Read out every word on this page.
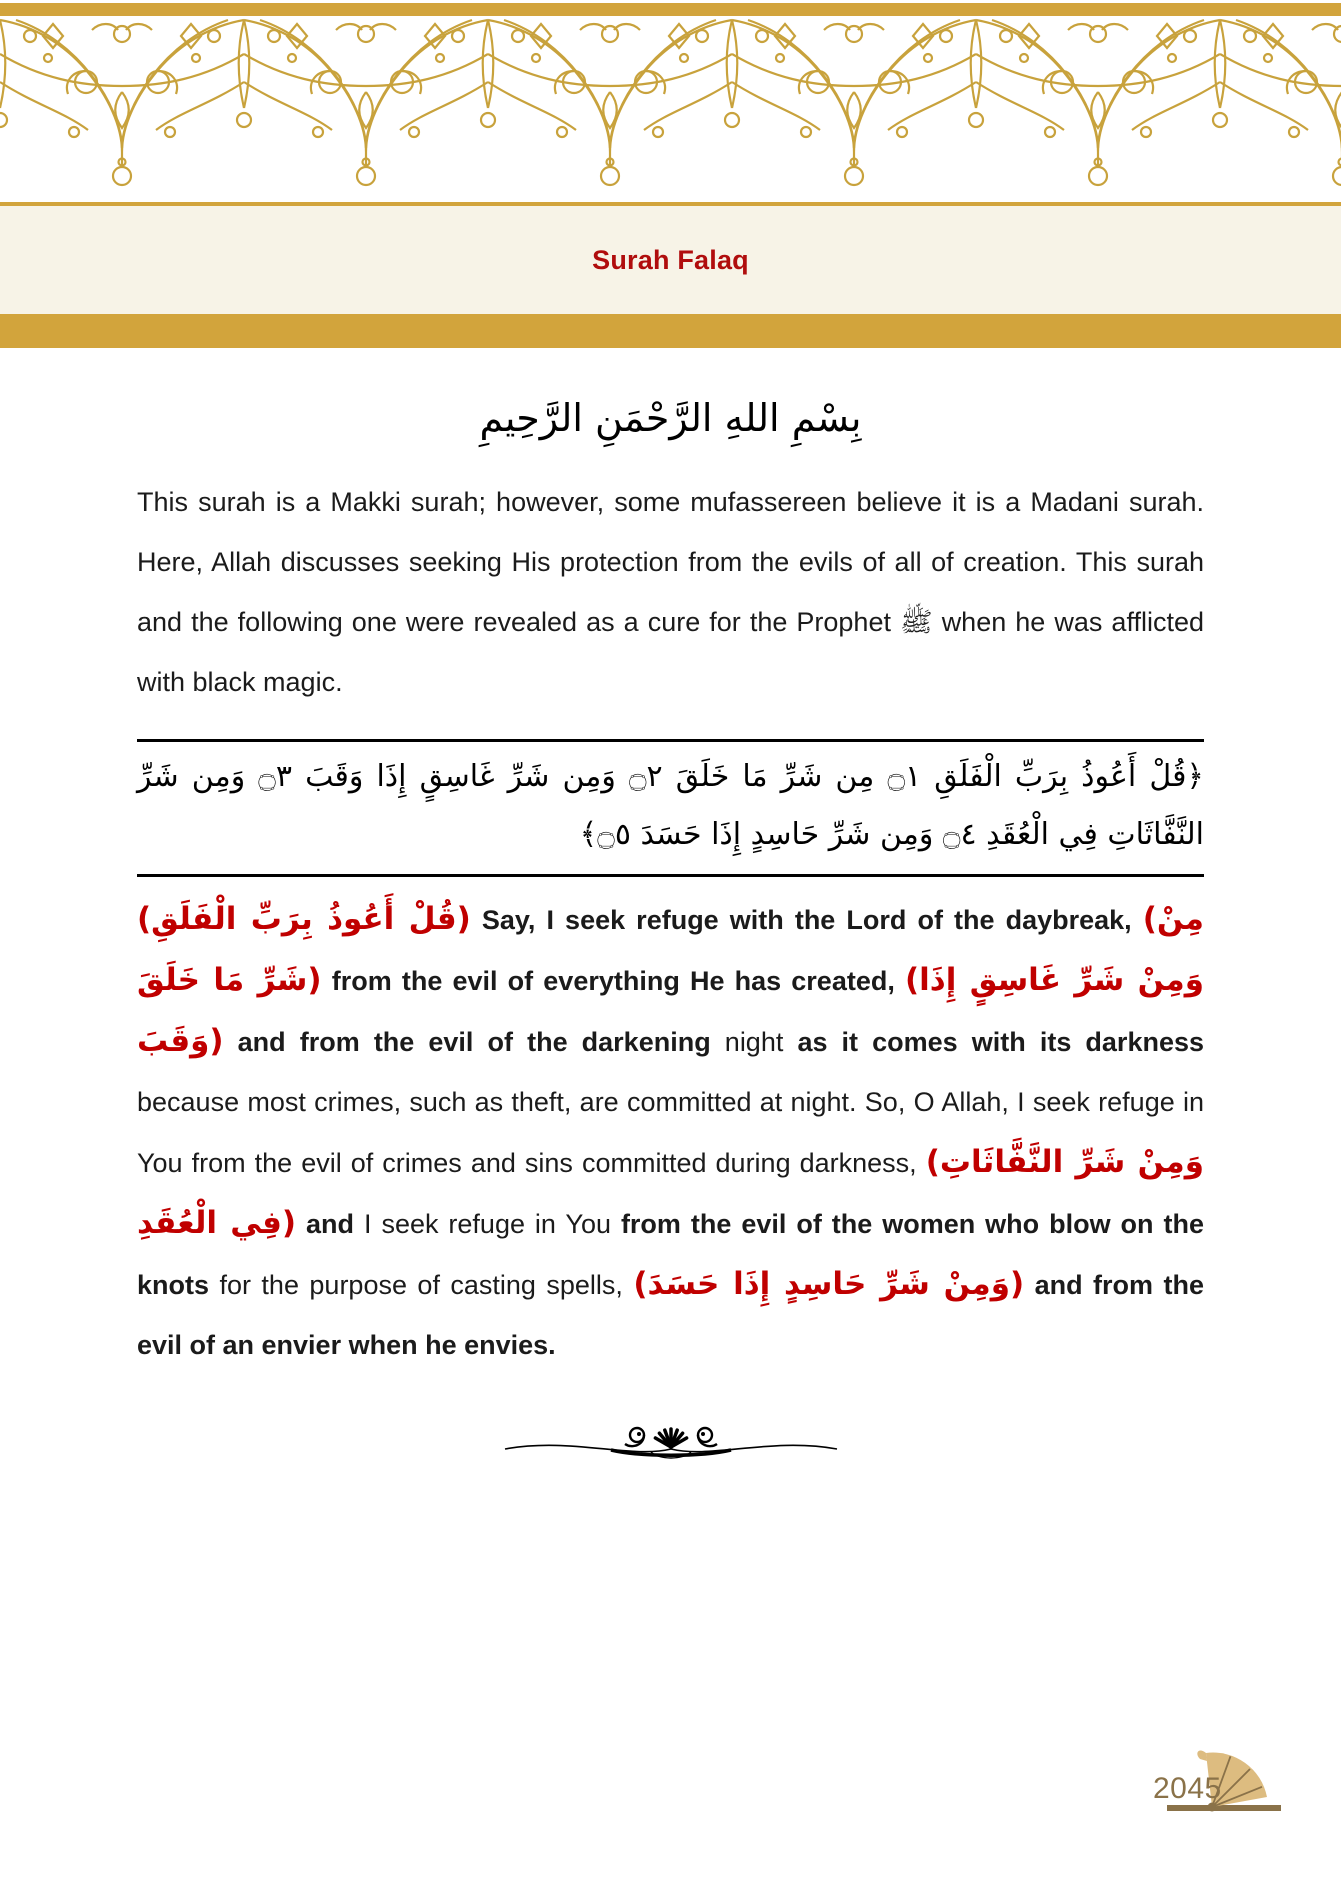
Surah Falaq
بِسْمِ اللهِ الرَّحْمَنِ الرَّحِيمِ

This surah is a Makki surah; however, some mufassereen believe it is a Madani surah. Here, Allah discusses seeking His protection from the evils of all of creation. This surah and the following one were revealed as a cure for the Prophet ﷺ when he was afflicted with black magic.

﴿قُلْ أَعُوذُ بِرَبِّ الْفَلَقِ ۝١ مِن شَرِّ مَا خَلَقَ ۝٢ وَمِن شَرِّ غَاسِقٍ إِذَا وَقَبَ ۝٣ وَمِن شَرِّ النَّفَّاثَاتِ فِي الْعُقَدِ ۝٤ وَمِن شَرِّ حَاسِدٍ إِذَا حَسَدَ ۝٥﴾

(قُلْ أَعُوذُ بِرَبِّ الْفَلَقِ) Say, I seek refuge with the Lord of the daybreak, (مِنْ شَرِّ مَا خَلَقَ) from the evil of everything He has created, (وَمِنْ شَرِّ غَاسِقٍ إِذَا وَقَبَ) and from the evil of the darkening night as it comes with its darkness because most crimes, such as theft, are committed at night. So, O Allah, I seek refuge in You from the evil of crimes and sins committed during darkness, (وَمِنْ شَرِّ النَّفَّاثَاتِ فِي الْعُقَدِ) and I seek refuge in You from the evil of the women who blow on the knots for the purpose of casting spells, (وَمِنْ شَرِّ حَاسِدٍ إِذَا حَسَدَ) and from the evil of an envier when he envies.

2045
